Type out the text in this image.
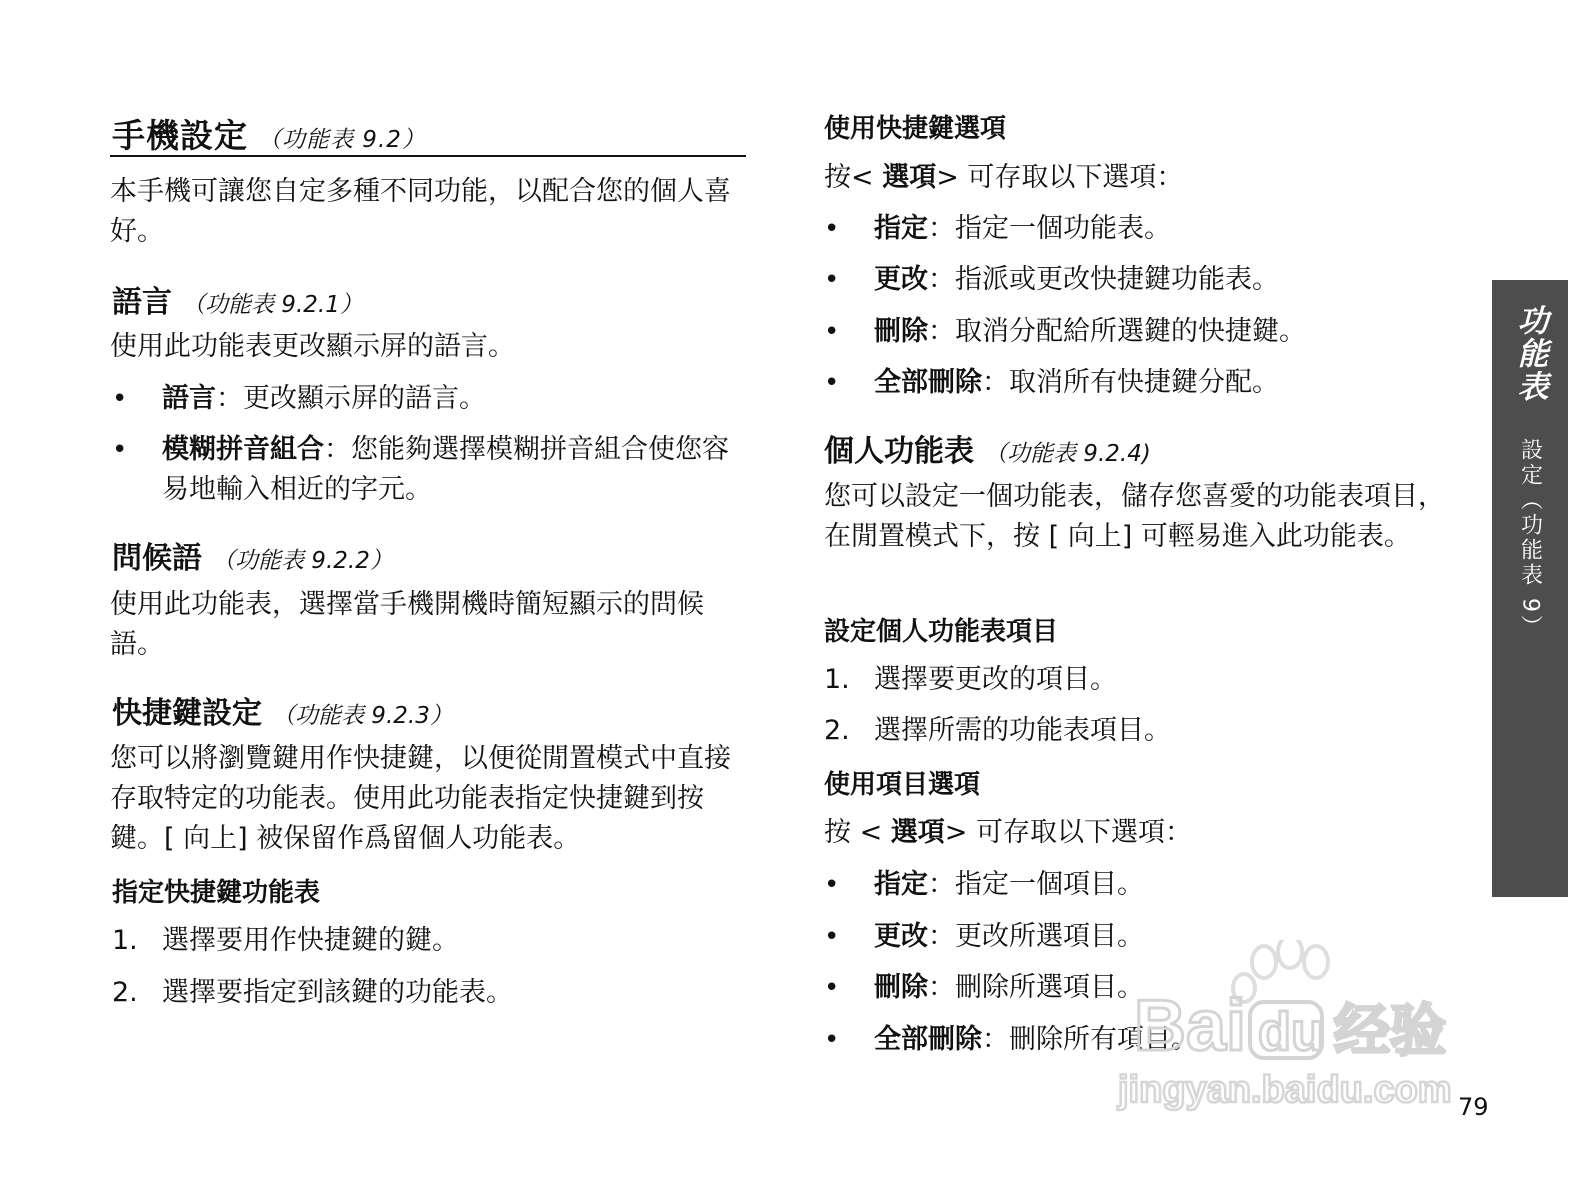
手機設定 （功能表 9.2）

本手機可讓您自定多種不同功能，以配合您的個人喜好。

語言 （功能表 9.2.1）

使用此功能表更改顯示屏的語言。

• 語言：更改顯示屏的語言。
• 模糊拼音組合：您能夠選擇模糊拼音組合使您容易地輸入相近的字元。
問候語 （功能表 9.2.2）

使用此功能表，選擇當手機開機時簡短顯示的問候語。

快捷鍵設定 （功能表 9.2.3）

您可以將瀏覽鍵用作快捷鍵，以便從閒置模式中直接存取特定的功能表。使用此功能表指定快捷鍵到按鍵。[ 向上] 被保留作爲留個人功能表。

指定快捷鍵功能表
1. 選擇要用作快捷鍵的鍵。
2. 選擇要指定到該鍵的功能表。
使用快捷鍵選項
按< 選項> 可存取以下選項：
• 指定：指定一個功能表。
• 更改：指派或更改快捷鍵功能表。
• 刪除：取消分配給所選鍵的快捷鍵。
• 全部刪除：取消所有快捷鍵分配。
個人功能表 （功能表 9.2.4)

您可以設定一個功能表，儲存您喜愛的功能表項目，在閒置模式下，按 [ 向上] 可輕易進入此功能表。

設定個人功能表項目
1. 選擇要更改的項目。
2. 選擇所需的功能表項目。
使用項目選項
按 < 選項> 可存取以下選項：
• 指定：指定一個項目。
• 更改：更改所選項目。
• 刪除：刪除所選項目。
• 全部刪除：刪除所有項目。
功能表 設定（功能表 9）
Bai du 经验
jingyan.baidu.com 79
